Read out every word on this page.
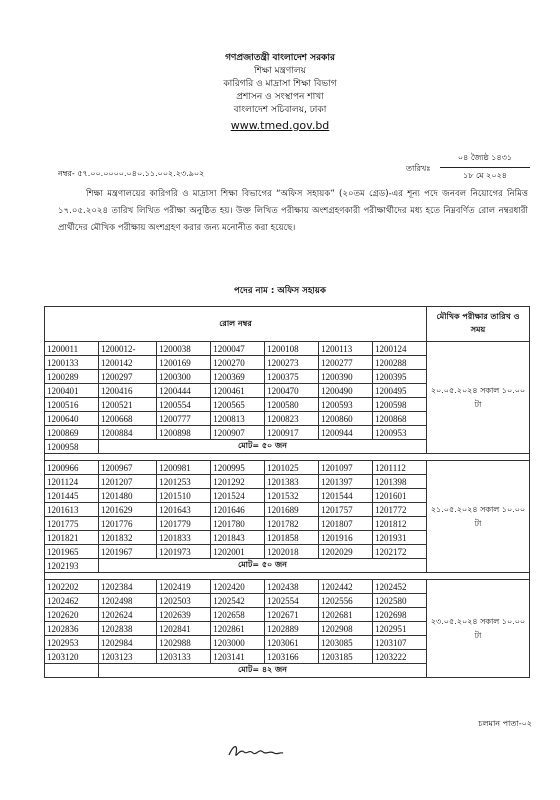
গণপ্রজাতন্ত্রী বাংলাদেশ সরকার
শিক্ষা মন্ত্রণালয়
কারিগরি ও মাদ্রাসা শিক্ষা বিভাগ
প্রশাসন ও সংস্থাপন শাখা
বাংলাদেশ সচিবালয়, ঢাকা
www.tmed.gov.bd
নম্বর- ৫৭.০০.০০০০.০৪০.১১.০০২.২৩.৯০২
তারিখঃ
০৪ জ্যৈষ্ঠ ১৪৩১
১৮ মে ২০২৪
শিক্ষা মন্ত্রণালয়ের কারিগরি ও মাদ্রাসা শিক্ষা বিভাগের “অফিস সহায়ক” (২০তম গ্রেড)-এর শূন্য পদে জনবল নিয়োগের নিমিত্ত ১৭.০৫.২০২৪ তারিখ লিখিত পরীক্ষা অনুষ্ঠিত হয়। উক্ত লিখিত পরীক্ষায় অংশগ্রহণকারী পরীক্ষার্থীদের মধ্য হতে নিম্নবর্ণিত রোল নম্বরধারী প্রার্থীদের মৌখিক পরীক্ষায় অংশগ্রহণ করার জন্য মনোনীত করা হয়েছে।
পদের নাম : অফিস সহায়ক
রোল নম্বর							মৌখিক পরীক্ষার তারিখ ও সময়
1200011	1200012-	1200038	1200047	1200108	1200113	1200124	২০.০৫.২০২৪ সকাল ১০.০০ টা
1200133	1200142	1200169	1200270	1200273	1200277	1200288	
1200289	1200297	1200300	1200369	1200375	1200390	1200395	
1200401	1200416	1200444	1200461	1200470	1200490	1200495	
1200516	1200521	1200554	1200565	1200580	1200593	1200598	
1200640	1200668	1200777	1200813	1200823	1200860	1200868	
1200869	1200884	1200898	1200907	1200917	1200944	1200953	
1200958	মোট= ৫০ জন						

1200966	1200967	1200981	1200995	1201025	1201097	1201112	২১.০৫.২০২৪ সকাল ১০.০০ টা
1201124	1201207	1201253	1201292	1201383	1201397	1201398	
1201445	1201480	1201510	1201524	1201532	1201544	1201601	
1201613	1201629	1201643	1201646	1201689	1201757	1201772	
1201775	1201776	1201779	1201780	1201782	1201807	1201812	
1201821	1201832	1201833	1201843	1201858	1201916	1201931	
1201965	1201967	1201973	1202001	1202018	1202029	1202172	
1202193	মোট= ৫০ জন						

1202202	1202384	1202419	1202420	1202438	1202442	1202452	২৩.০৫.২০২৪ সকাল ১০.০০ টা
1202462	1202498	1202503	1202542	1202554	1202556	1202580	
1202620	1202624	1202639	1202658	1202671	1202681	1202698	
1202836	1202838	1202841	1202861	1202889	1202908	1202951	
1202953	1202984	1202988	1203000	1203061	1203085	1203107	
1203120	1203123	1203133	1203141	1203166	1203185	1203222	
	মোট= ৪২ জন						
চলমান পাতা-০২
